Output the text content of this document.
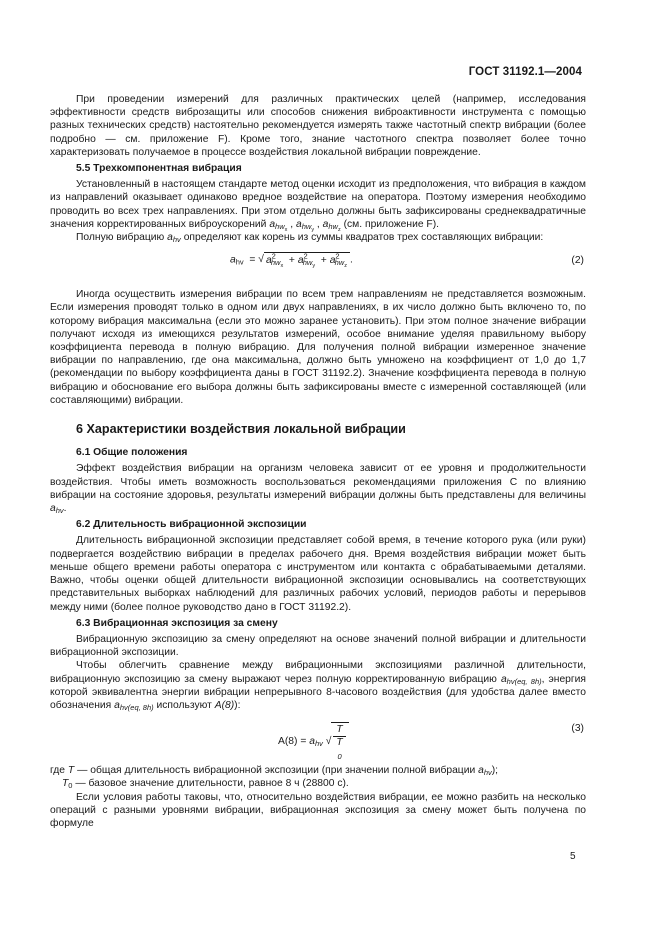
ГОСТ 31192.1—2004

При проведении измерений для различных практических целей (например, исследования эффективности средств виброзащиты или способов снижения виброактивности инструмента с помощью разных технических средств) настоятельно рекомендуется измерять также частотный спектр вибрации (более подробно — см. приложение F). Кроме того, знание частотного спектра позволяет более точно характеризовать получаемое в процессе воздействия локальной вибрации повреждение.

5.5 Трехкомпонентная вибрация

Установленный в настоящем стандарте метод оценки исходит из предположения, что вибрация в каждом из направлений оказывает одинаково вредное воздействие на оператора. Поэтому измерения необходимо проводить во всех трех направлениях. При этом отдельно должны быть зафиксированы среднеквадратичные значения корректированных виброускорений $a_{hw_x}$ , $a_{hw_y}$ , $a_{hw_z}$ (см. приложение F).

Полную вибрацию $a_{hv}$ определяют как корень из суммы квадратов трех составляющих вибрации:

$a_{hv}$ = √ $a^2_{hw_x} + a^2_{hw_y} + a^2_{hw_z}$.	(2)

Иногда осуществить измерения вибрации по всем трем направлениям не представляется возможным. Если измерения проводят только в одном или двух направлениях, в их число должно быть включено то, по которому вибрация максимальна (если это можно заранее установить). При этом полное значение вибрации получают исходя из имеющихся результатов измерений, особое внимание уделяя правильному выбору коэффициента перевода в полную вибрацию. Для получения полной вибрации измеренное значение вибрации по направлению, где она максимальна, должно быть умножено на коэффициент от 1,0 до 1,7 (рекомендации по выбору коэффициента даны в ГОСТ 31192.2). Значение коэффициента перевода в полную вибрацию и обоснование его выбора должны быть зафиксированы вместе с измеренной составляющей (или составляющими) вибрации.

6 Характеристики воздействия локальной вибрации

6.1 Общие положения

Эффект воздействия вибрации на организм человека зависит от ее уровня и продолжительности воздействия. Чтобы иметь возможность воспользоваться рекомендациями приложения С по влиянию вибрации на состояние здоровья, результаты измерений вибрации должны быть представлены для величины $a_{hv}$.

6.2 Длительность вибрационной экспозиции

Длительность вибрационной экспозиции представляет собой время, в течение которого рука (или руки) подвергается воздействию вибрации в пределах рабочего дня. Время воздействия вибрации может быть меньше общего времени работы оператора с инструментом или контакта с обрабатываемыми деталями. Важно, чтобы оценки общей длительности вибрационной экспозиции основывались на соответствующих представительных выборках наблюдений для различных рабочих условий, периодов работы и перерывов между ними (более полное руководство дано в ГОСТ 31192.2).

6.3 Вибрационная экспозиция за смену

Вибрационную экспозицию за смену определяют на основе значений полной вибрации и длительности вибрационной экспозиции.

Чтобы облегчить сравнение между вибрационными экспозициями различной длительности, вибрационную экспозицию за смену выражают через полную корректированную вибрацию $a_{hv(eq, 8h)}$, энергия которой эквивалентна энергии вибрации непрерывного 8-часового воздействия (для удобства далее вместо обозначения $a_{hv(eq, 8h)}$ используют A(8)):

$A(8) = a_{hv}$ √ T
T
$_0$	(3)

где T — общая длительность вибрационной экспозиции (при значении полной вибрации $a_{hv}$);

$T_0$ — базовое значение длительности, равное 8 ч (28800 с).

Если условия работы таковы, что, относительно воздействия вибрации, ее можно разбить на несколько операций с разными уровнями вибрации, вибрационная экспозиция за смену может быть получена по формуле

5
